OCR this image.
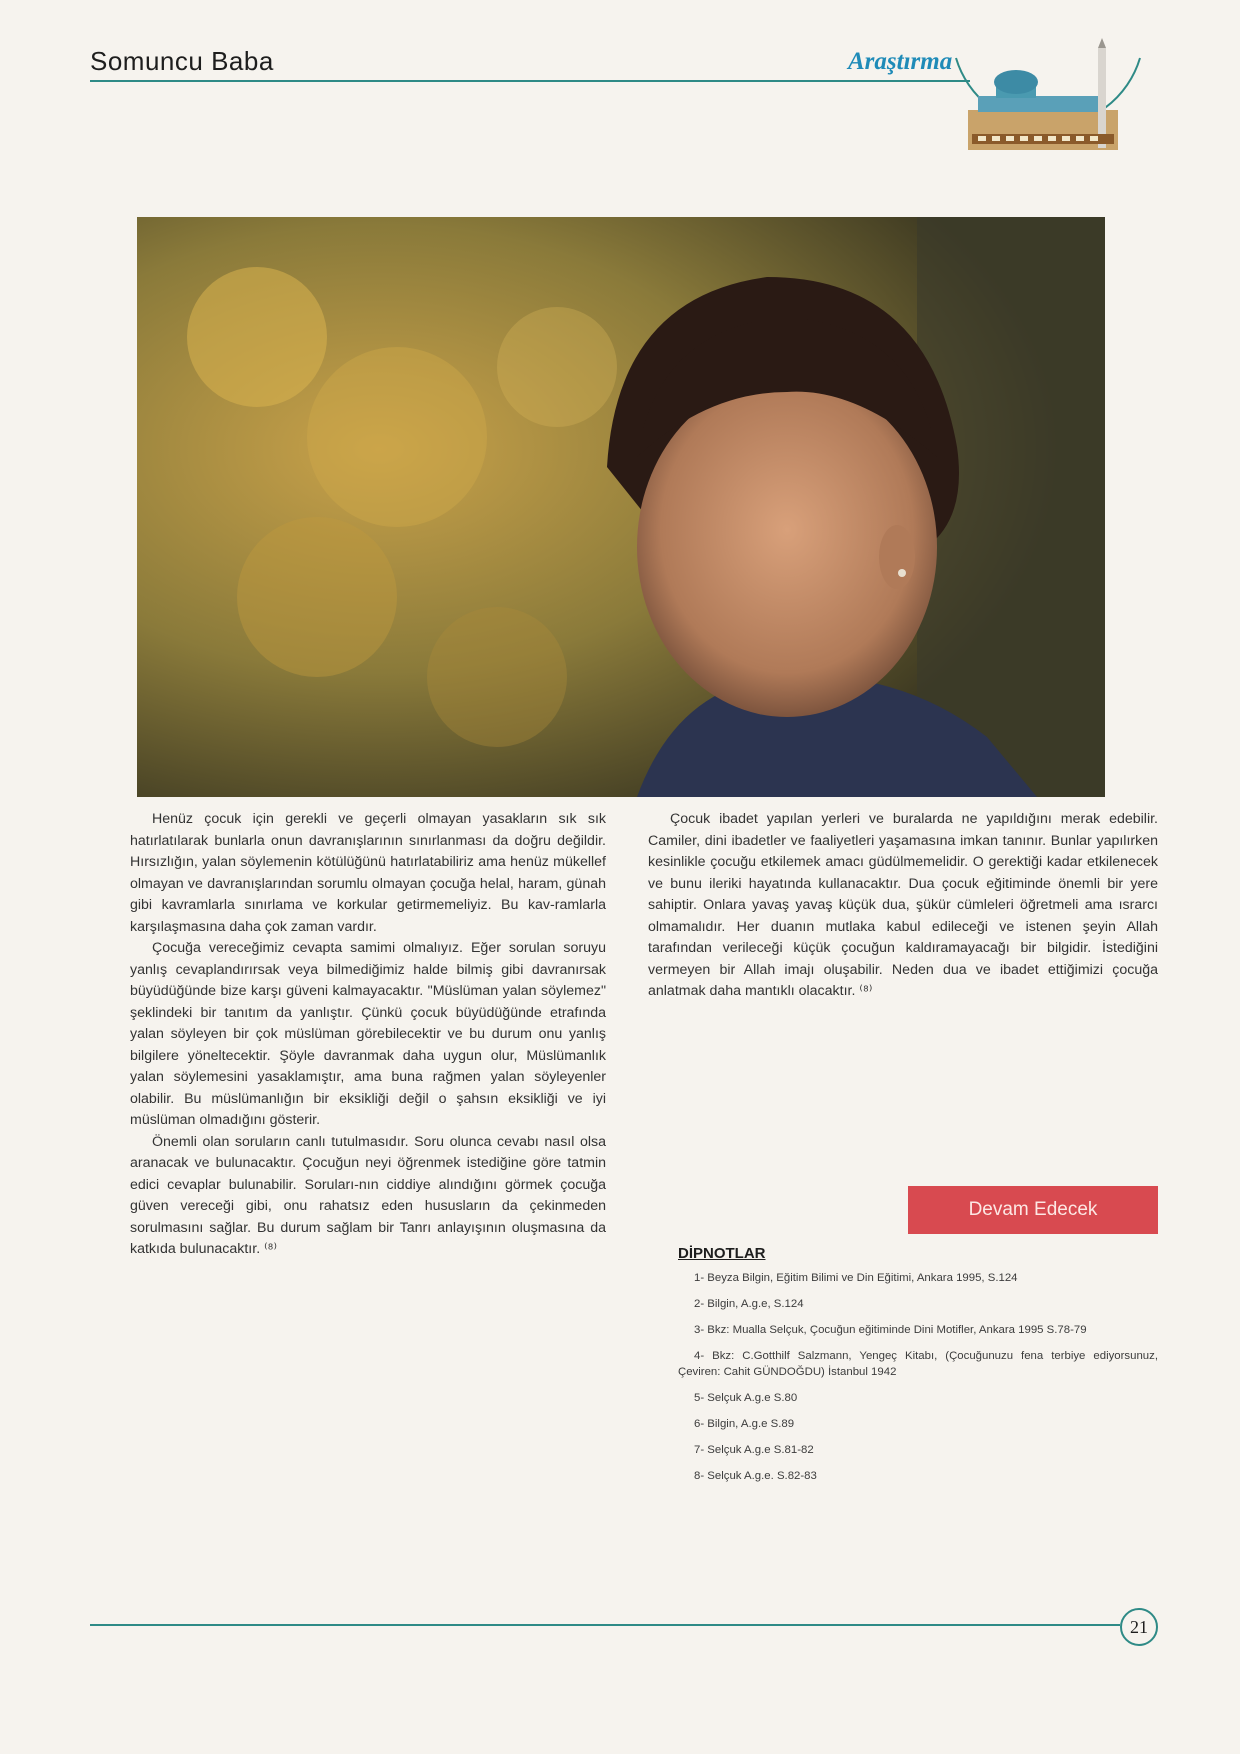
Somuncu Baba	Araştırma

Henüz çocuk için gerekli ve geçerli olmayan yasakların sık sık hatırlatılarak bunlarla onun davranışlarının sınırlanması da doğru değildir. Hırsızlığın, yalan söylemenin kötülüğünü hatırlatabiliriz ama henüz mükellef olmayan ve davranışlarından sorumlu olmayan çocuğa helal, haram, günah gibi kavramlarla sınırlama ve korkular getirmemeliyiz. Bu kav-ramlarla karşılaşmasına daha çok zaman vardır.

Çocuğa vereceğimiz cevapta samimi olmalıyız. Eğer sorulan soruyu yanlış cevaplandırırsak veya bilmediğimiz halde bilmiş gibi davranırsak büyüdüğünde bize karşı güveni kalmayacaktır. "Müslüman yalan söylemez" şeklindeki bir tanıtım da yanlıştır. Çünkü çocuk büyüdüğünde etrafında yalan söyleyen bir çok müslüman görebilecektir ve bu durum onu yanlış bilgilere yöneltecektir. Şöyle davranmak daha uygun olur, Müslümanlık yalan söylemesini yasaklamıştır, ama buna rağmen yalan söyleyenler olabilir. Bu müslümanlığın bir eksikliği değil o şahsın eksikliği ve iyi müslüman olmadığını gösterir.

Önemli olan soruların canlı tutulmasıdır. Soru olunca cevabı nasıl olsa aranacak ve bulunacaktır. Çocuğun neyi öğrenmek istediğine göre tatmin edici cevaplar bulunabilir. Soruları-nın ciddiye alındığını görmek çocuğa güven vereceği gibi, onu rahatsız eden hususların da çekinmeden sorulmasını sağlar. Bu durum sağlam bir Tanrı anlayışının oluşmasına da katkıda bulunacaktır. ⁽⁸⁾

Çocuk ibadet yapılan yerleri ve buralarda ne yapıldığını merak edebilir. Camiler, dini ibadetler ve faaliyetleri yaşamasına imkan tanınır. Bunlar yapılırken kesinlikle çocuğu etkilemek amacı güdülmemelidir. O gerektiği kadar etkilenecek ve bunu ileriki hayatında kullanacaktır. Dua çocuk eğitiminde önemli bir yere sahiptir. Onlara yavaş yavaş küçük dua, şükür cümleleri öğretmeli ama ısrarcı olmamalıdır. Her duanın mutlaka kabul edileceği ve istenen şeyin Allah tarafından verileceği küçük çocuğun kaldıramayacağı bir bilgidir. İstediğini vermeyen bir Allah imajı oluşabilir. Neden dua ve ibadet ettiğimizi çocuğa anlatmak daha mantıklı olacaktır. ⁽⁸⁾

Devam Edecek
DİPNOTLAR

1- Beyza Bilgin, Eğitim Bilimi ve Din Eğitimi, Ankara 1995, S.124

2- Bilgin, A.g.e, S.124

3- Bkz: Mualla Selçuk, Çocuğun eğitiminde Dini Motifler, Ankara 1995 S.78-79

4- Bkz: C.Gotthilf Salzmann, Yengeç Kitabı, (Çocuğunuzu fena terbiye ediyorsunuz, Çeviren: Cahit GÜNDOĞDU) İstanbul 1942

5- Selçuk A.g.e S.80

6- Bilgin, A.g.e S.89

7- Selçuk A.g.e S.81-82

8- Selçuk A.g.e. S.82-83

21
